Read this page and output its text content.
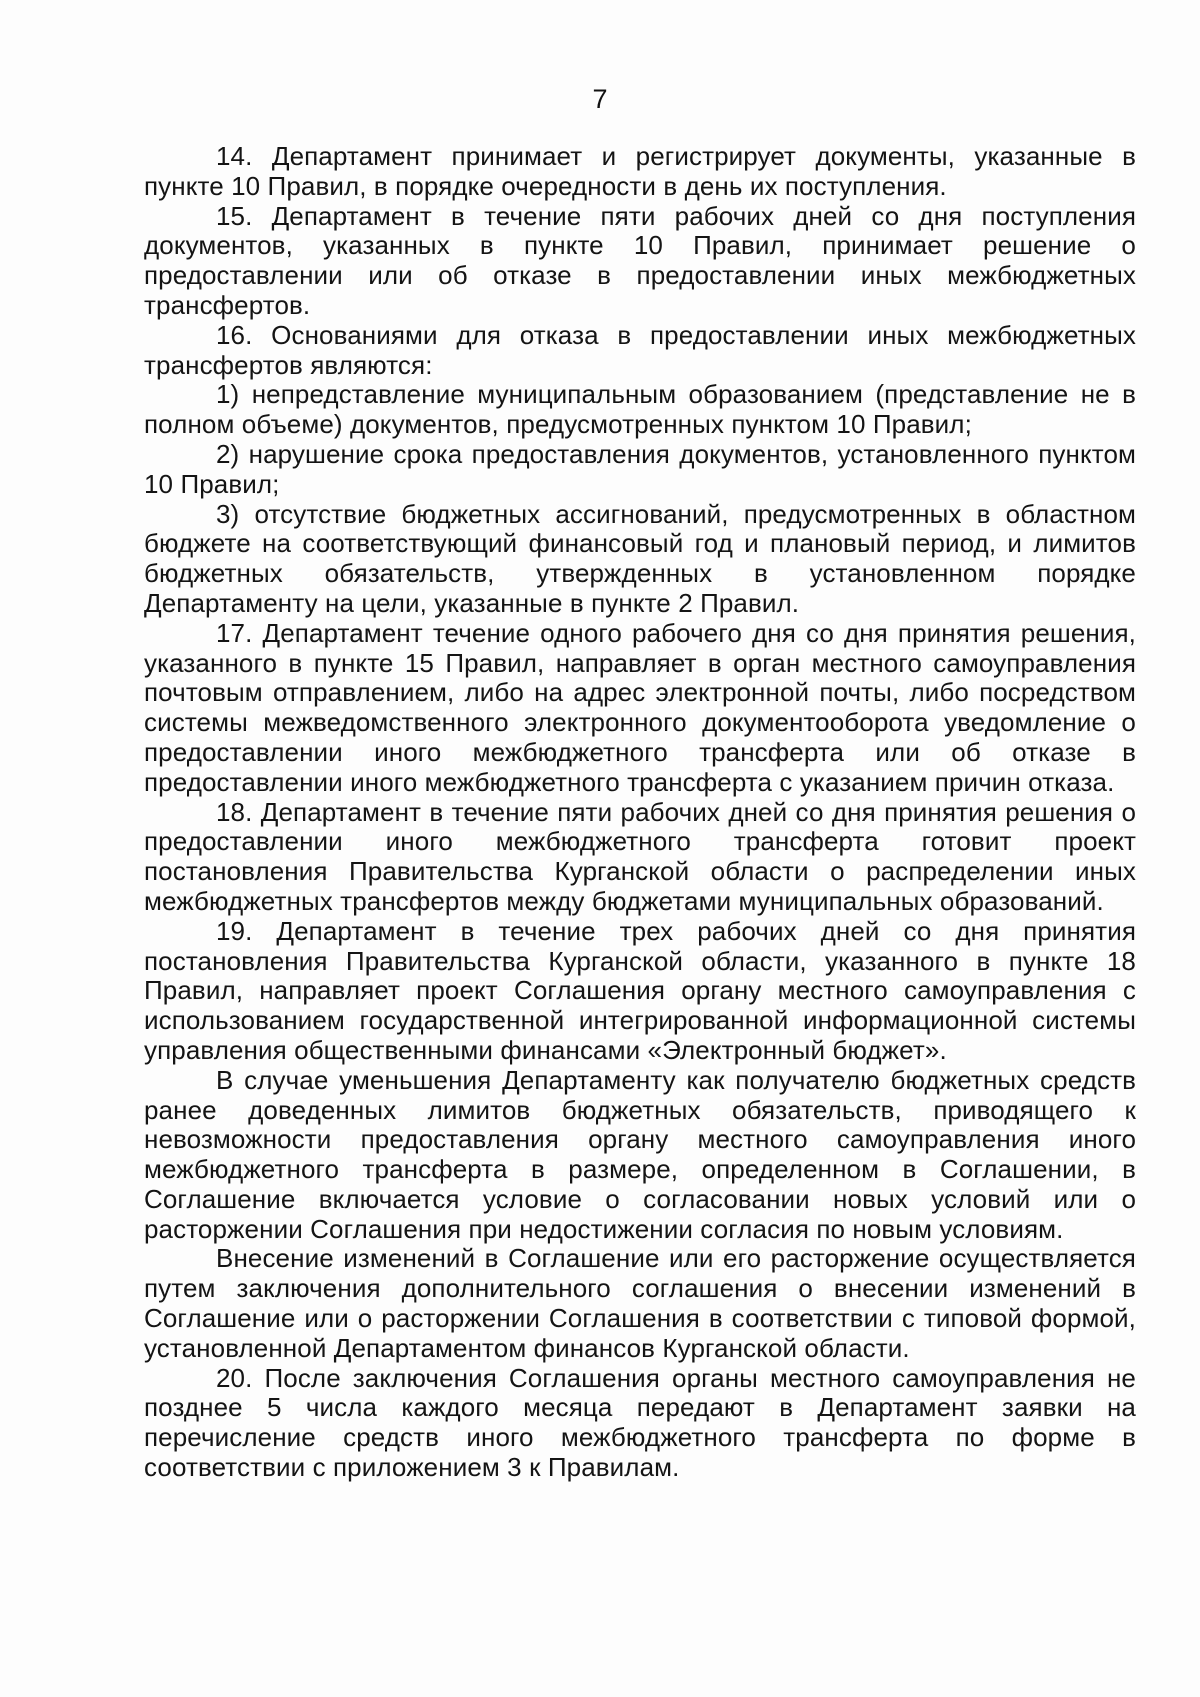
7

14. Департамент принимает и регистрирует документы, указанные в пункте 10 Правил, в порядке очередности в день их поступления.

15. Департамент в течение пяти рабочих дней со дня поступления документов, указанных в пункте 10 Правил, принимает решение о предоставлении или об отказе в предоставлении иных межбюджетных трансфертов.

16. Основаниями для отказа в предоставлении иных межбюджетных трансфертов являются:

1) непредставление муниципальным образованием (представление не в полном объеме) документов, предусмотренных пунктом 10 Правил;

2) нарушение срока предоставления документов, установленного пунктом 10 Правил;

3) отсутствие бюджетных ассигнований, предусмотренных в областном бюджете на соответствующий финансовый год и плановый период, и лимитов бюджетных обязательств, утвержденных в установленном порядке Департаменту на цели, указанные в пункте 2 Правил.

17. Департамент течение одного рабочего дня со дня принятия решения, указанного в пункте 15 Правил, направляет в орган местного самоуправления почтовым отправлением, либо на адрес электронной почты, либо посредством системы межведомственного электронного документооборота уведомление о предоставлении иного межбюджетного трансферта или об отказе в предоставлении иного межбюджетного трансферта с указанием причин отказа.

18. Департамент в течение пяти рабочих дней со дня принятия решения о предоставлении иного межбюджетного трансферта готовит проект постановления Правительства Курганской области о распределении иных межбюджетных трансфертов между бюджетами муниципальных образований.

19. Департамент в течение трех рабочих дней со дня принятия постановления Правительства Курганской области, указанного в пункте 18 Правил, направляет проект Соглашения органу местного самоуправления с использованием государственной интегрированной информационной системы управления общественными финансами «Электронный бюджет».

В случае уменьшения Департаменту как получателю бюджетных средств ранее доведенных лимитов бюджетных обязательств, приводящего к невозможности предоставления органу местного самоуправления иного межбюджетного трансферта в размере, определенном в Соглашении, в Соглашение включается условие о согласовании новых условий или о расторжении Соглашения при недостижении согласия по новым условиям.

Внесение изменений в Соглашение или его расторжение осуществляется путем заключения дополнительного соглашения о внесении изменений в Соглашение или о расторжении Соглашения в соответствии с типовой формой, установленной Департаментом финансов Курганской области.

20. После заключения Соглашения органы местного самоуправления не позднее 5 числа каждого месяца передают в Департамент заявки на перечисление средств иного межбюджетного трансферта по форме в соответствии с приложением 3 к Правилам.
